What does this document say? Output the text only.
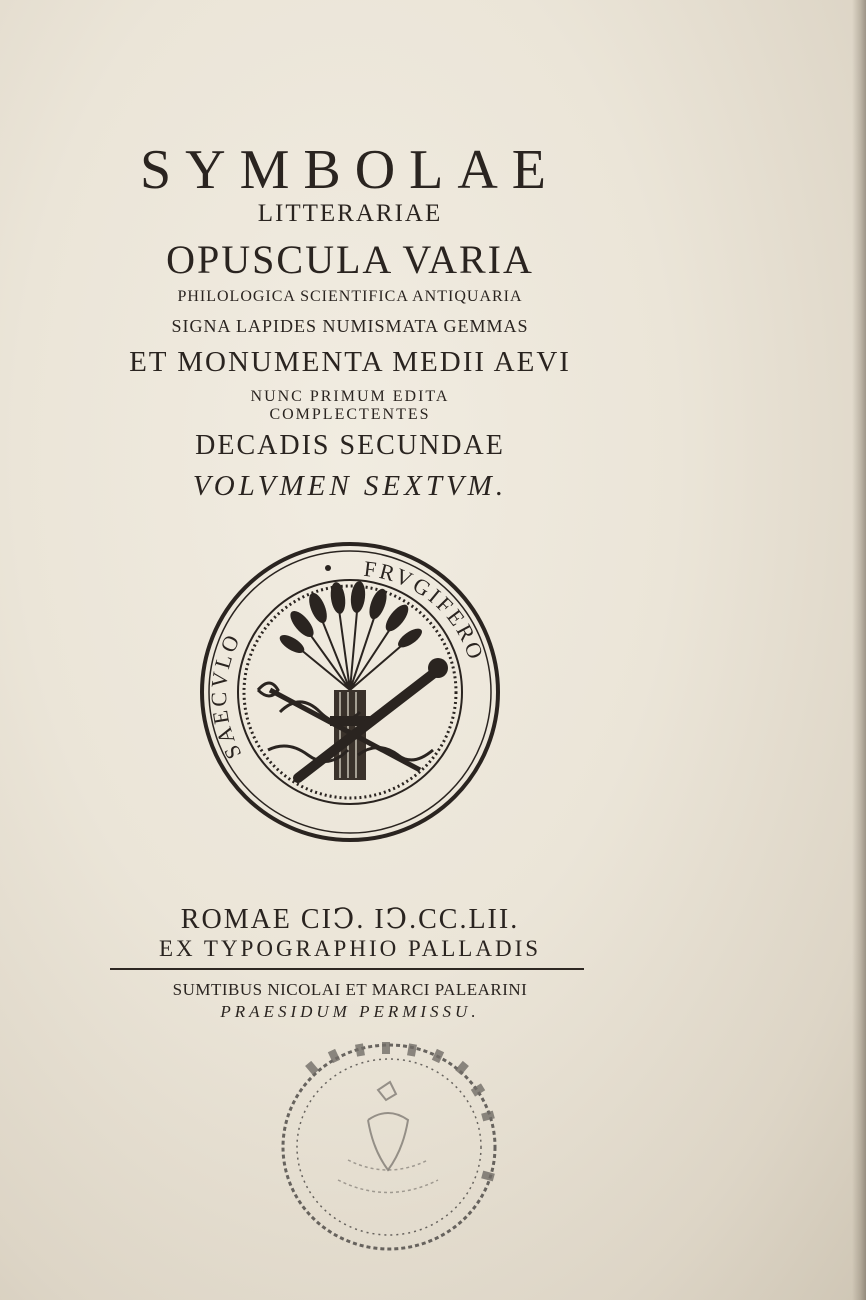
SYMBOLAE
LITTERARIAE
OPUSCULA VARIA
PHILOLOGICA SCIENTIFICA ANTIQUARIA
SIGNA LAPIDES NUMISMATA GEMMAS
ET MONUMENTA MEDII AEVI
NUNC PRIMUM EDITA
COMPLECTENTES
DECADIS SECUNDAE
VOLVMEN SEXTVM.
SAECVLO
FRVGIFERO
ROMAE CIↃ. IↃ.CC.LII.
EX TYPOGRAPHIO PALLADIS
SUMTIBUS NICOLAI ET MARCI PALEARINI
PRAESIDUM PERMISSU.
